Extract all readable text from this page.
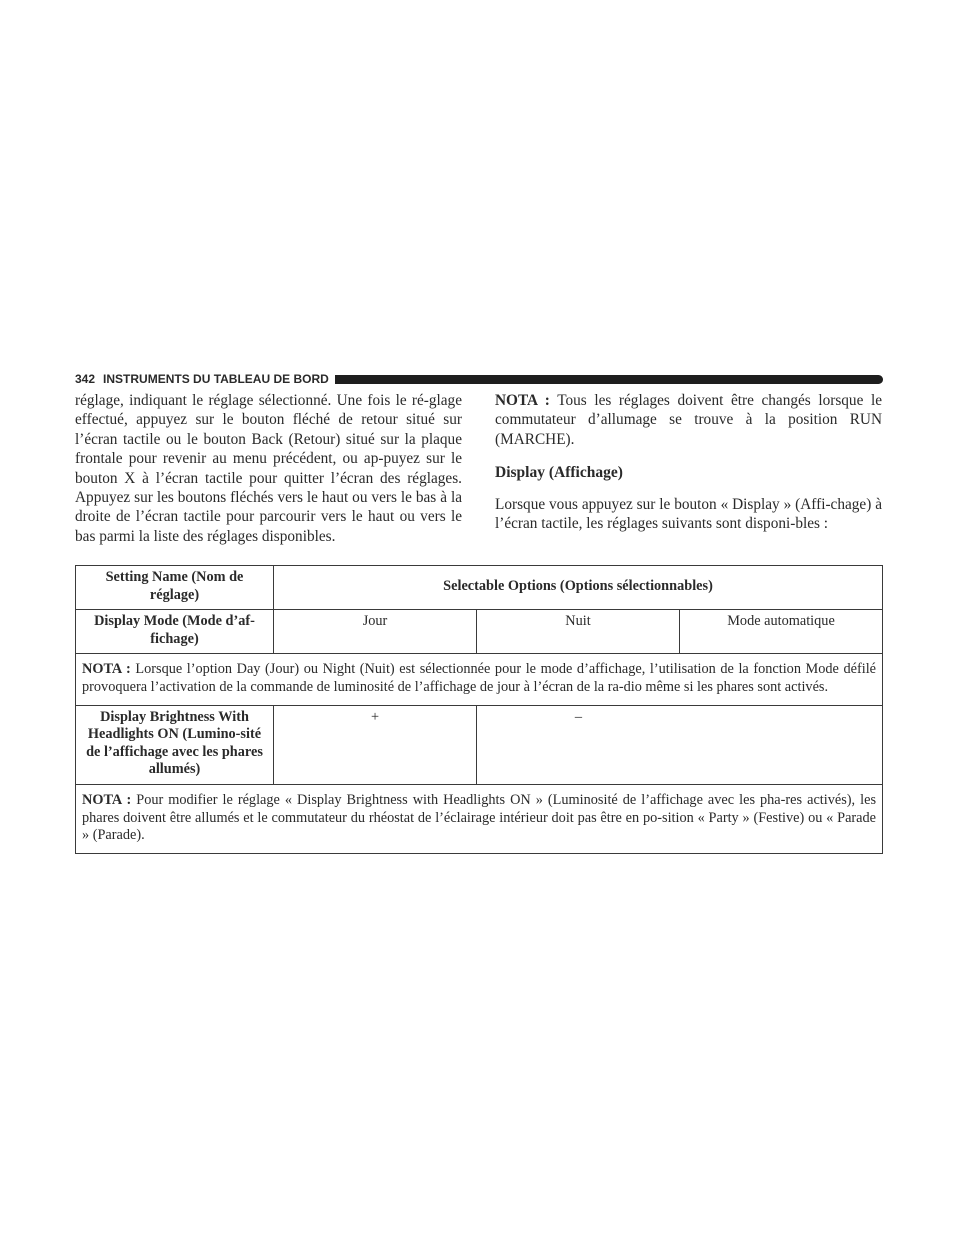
342 INSTRUMENTS DU TABLEAU DE BORD

réglage, indiquant le réglage sélectionné. Une fois le ré-glage effectué, appuyez sur le bouton fléché de retour situé sur l’écran tactile ou le bouton Back (Retour) situé sur la plaque frontale pour revenir au menu précédent, ou ap-puyez sur le bouton X à l’écran tactile pour quitter l’écran des réglages. Appuyez sur les boutons fléchés vers le haut ou vers le bas à la droite de l’écran tactile pour parcourir vers le haut ou vers le bas parmi la liste des réglages disponibles.

NOTA : Tous les réglages doivent être changés lorsque le commutateur d’allumage se trouve à la position RUN (MARCHE).

Display (Affichage)

Lorsque vous appuyez sur le bouton « Display » (Affi-chage) à l’écran tactile, les réglages suivants sont disponi-bles :

Setting Name (Nom de réglage)	Selectable Options (Options sélectionnables)		
Display Mode (Mode d’af-fichage)	Jour	Nuit	Mode automatique
NOTA : Lorsque l’option Day (Jour) ou Night (Nuit) est sélectionnée pour le mode d’affichage, l’utilisation de la fonction Mode défilé provoquera l’activation de la commande de luminosité de l’affichage de jour à l’écran de la ra-dio même si les phares sont activés.			
Display Brightness With Headlights ON (Lumino-sité de l’affichage avec les phares allumés)	+	–	
NOTA : Pour modifier le réglage « Display Brightness with Headlights ON » (Luminosité de l’affichage avec les pha-res activés), les phares doivent être allumés et le commutateur du rhéostat de l’éclairage intérieur doit pas être en po-sition « Party » (Festive) ou « Parade » (Parade).			
